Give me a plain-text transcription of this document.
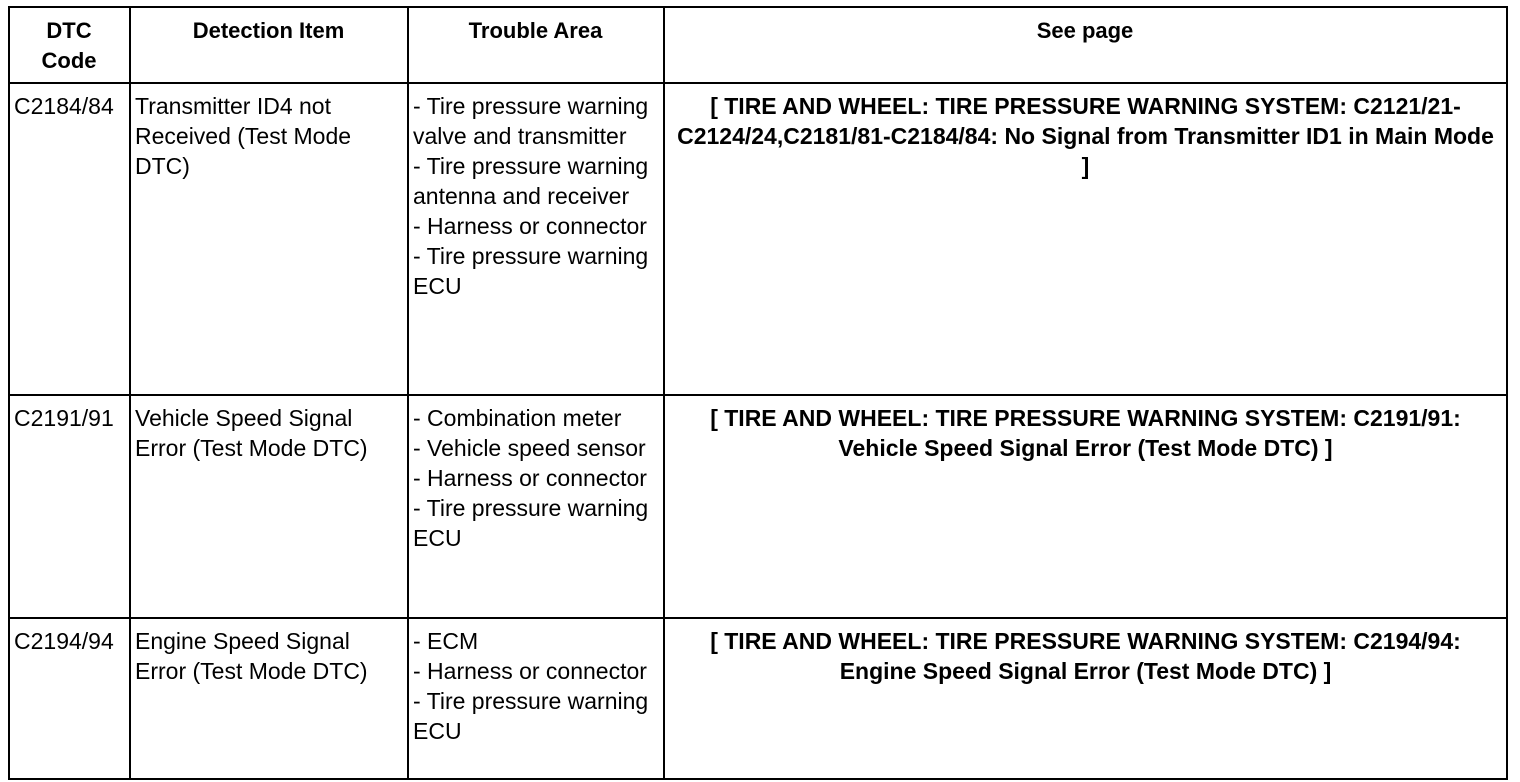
DTC
Code	Detection Item	Trouble Area	See page
C2184/84	Transmitter ID4 not Received (Test Mode DTC)	- Tire pressure warning valve and transmitter
- Tire pressure warning antenna and receiver
- Harness or connector
- Tire pressure warning ECU	[ TIRE AND WHEEL: TIRE PRESSURE WARNING SYSTEM: C2121/21-C2124/24,C2181/81-C2184/84: No Signal from Transmitter ID1 in Main Mode ]
C2191/91	Vehicle Speed Signal Error (Test Mode DTC)	- Combination meter
- Vehicle speed sensor
- Harness or connector
- Tire pressure warning ECU	[ TIRE AND WHEEL: TIRE PRESSURE WARNING SYSTEM: C2191/91: Vehicle Speed Signal Error (Test Mode DTC) ]
C2194/94	Engine Speed Signal Error (Test Mode DTC)	- ECM
- Harness or connector
- Tire pressure warning ECU	[ TIRE AND WHEEL: TIRE PRESSURE WARNING SYSTEM: C2194/94: Engine Speed Signal Error (Test Mode DTC) ]
